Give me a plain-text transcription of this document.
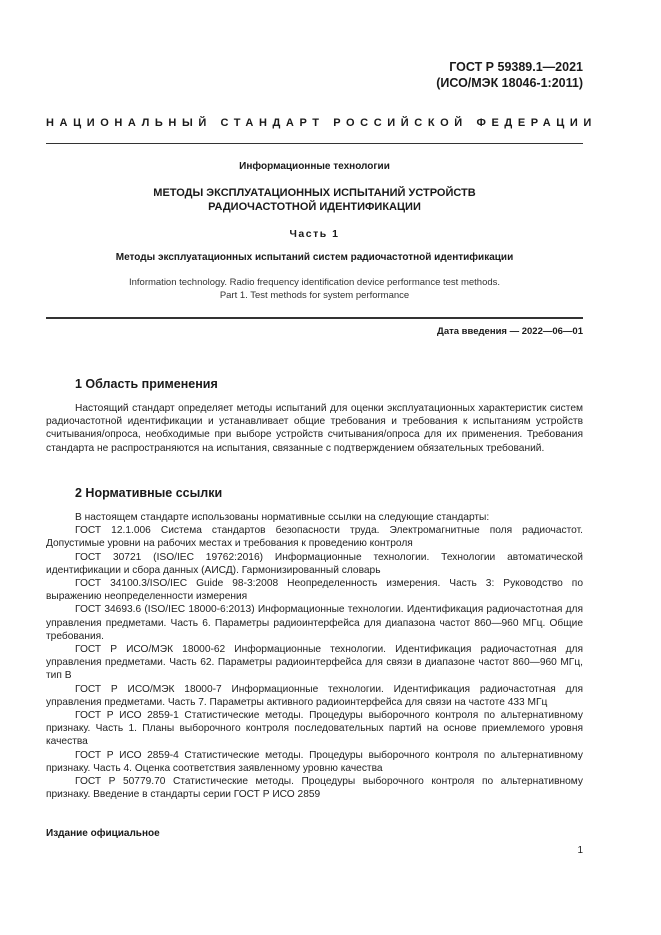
ГОСТ Р 59389.1—2021
(ИСО/МЭК 18046-1:2011)
НАЦИОНАЛЬНЫЙ СТАНДАРТ РОССИЙСКОЙ ФЕДЕРАЦИИ
Информационные технологии
МЕТОДЫ ЭКСПЛУАТАЦИОННЫХ ИСПЫТАНИЙ УСТРОЙСТВ
РАДИОЧАСТОТНОЙ ИДЕНТИФИКАЦИИ
Часть 1
Методы эксплуатационных испытаний систем радиочастотной идентификации
Information technology. Radio frequency identification device performance test methods.
Part 1. Test methods for system performance
Дата введения — 2022—06—01
1 Область применения

Настоящий стандарт определяет методы испытаний для оценки эксплуатационных характеристик систем радиочастотной идентификации и устанавливает общие требования и требования к испытаниям устройств считывания/опроса, необходимые при выборе устройств считывания/опроса для их применения. Требования стандарта не распространяются на испытания, связанные с подтверждением обязательных требований.

2 Нормативные ссылки

В настоящем стандарте использованы нормативные ссылки на следующие стандарты:

ГОСТ 12.1.006 Система стандартов безопасности труда. Электромагнитные поля радиочастот. Допустимые уровни на рабочих местах и требования к проведению контроля

ГОСТ 30721 (ISO/IEC 19762:2016) Информационные технологии. Технологии автоматической идентификации и сбора данных (АИСД). Гармонизированный словарь

ГОСТ 34100.3/ISO/IEC Guide 98-3:2008 Неопределенность измерения. Часть 3: Руководство по выражению неопределенности измерения

ГОСТ 34693.6 (ISO/IEC 18000-6:2013) Информационные технологии. Идентификация радиочастотная для управления предметами. Часть 6. Параметры радиоинтерфейса для диапазона частот 860—960 МГц. Общие требования.

ГОСТ Р ИСО/МЭК 18000-62 Информационные технологии. Идентификация радиочастотная для управления предметами. Часть 62. Параметры радиоинтерфейса для связи в диапазоне частот 860—960 МГц, тип В

ГОСТ Р ИСО/МЭК 18000-7 Информационные технологии. Идентификация радиочастотная для управления предметами. Часть 7. Параметры активного радиоинтерфейса для связи на частоте 433 МГц

ГОСТ Р ИСО 2859-1 Статистические методы. Процедуры выборочного контроля по альтернативному признаку. Часть 1. Планы выборочного контроля последовательных партий на основе приемлемого уровня качества

ГОСТ Р ИСО 2859-4 Статистические методы. Процедуры выборочного контроля по альтернативному признаку. Часть 4. Оценка соответствия заявленному уровню качества

ГОСТ Р 50779.70 Статистические методы. Процедуры выборочного контроля по альтернативному признаку. Введение в стандарты серии ГОСТ Р ИСО 2859

Издание официальное
1
